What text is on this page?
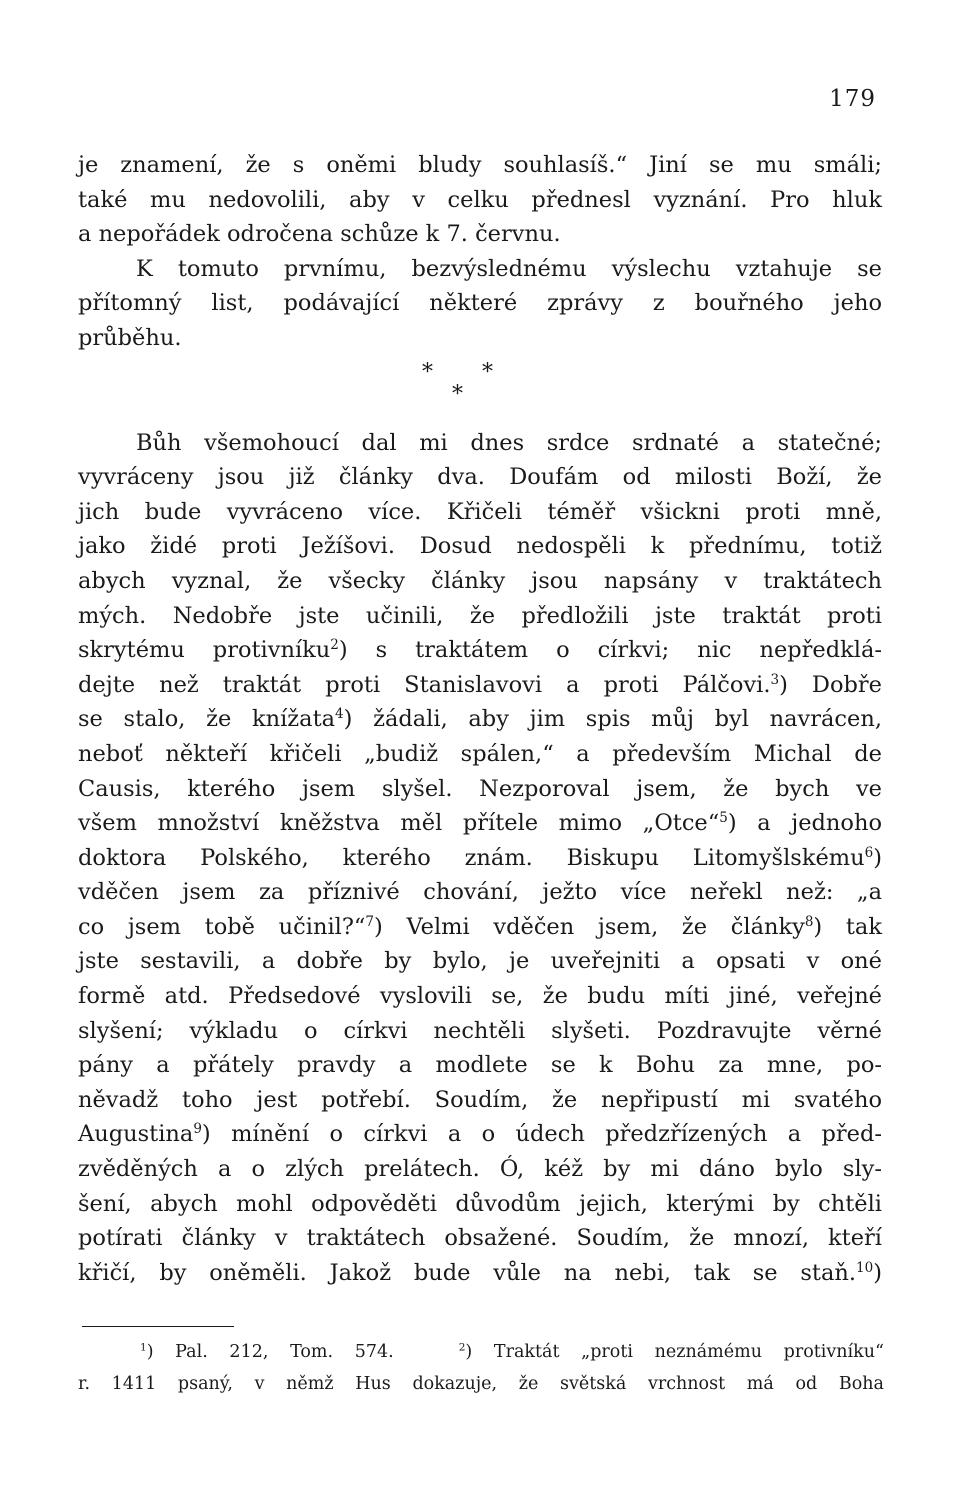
179
je znamení, že s oněmi bludy souhlasíš.“ Jiní se mu smáli;
také mu nedovolili, aby v celku přednesl vyznání. Pro hluk
a nepořádek odročena schůze k 7. červnu.
K tomuto prvnímu, bezvýslednému výslechu vztahuje se
přítomný list, podávající některé zprávy z bouřného jeho
průběhu.
* *
*
Bůh všemohoucí dal mi dnes srdce srdnaté a statečné;
vyvráceny jsou již články dva. Doufám od milosti Boží, že
jich bude vyvráceno více. Křičeli téměř všickni proti mně,
jako židé proti Ježíšovi. Dosud nedospěli k přednímu, totiž
abych vyznal, že všecky články jsou napsány v traktátech
mých. Nedobře jste učinili, že předložili jste traktát proti
skrytému protivníku$^2$) s traktátem o církvi; nic nepředklá-
dejte než traktát proti Stanislavovi a proti Pálčovi.$^3$) Dobře
se stalo, že knížata$^4$) žádali, aby jim spis můj byl navrácen,
neboť někteří křičeli „budiž spálen,“ a především Michal de
Causis, kterého jsem slyšel. Nezporoval jsem, že bych ve
všem množství kněžstva měl přítele mimo „Otce“$^5$) a jednoho
doktora Polského, kterého znám. Biskupu Litomyšlskému$^6$)
vděčen jsem za příznivé chování, ježto více neřekl než: „a
co jsem tobě učinil?“$^7$) Velmi vděčen jsem, že články$^8$) tak
jste sestavili, a dobře by bylo, je uveřejniti a opsati v oné
formě atd. Předsedové vyslovili se, že budu míti jiné, veřejné
slyšení; výkladu o církvi nechtěli slyšeti. Pozdravujte věrné
pány a přátely pravdy a modlete se k Bohu za mne, po-
něvadž toho jest potřebí. Soudím, že nepřipustí mi svatého
Augustina$^9$) mínění o církvi a o údech předzřízených a před-
zvěděných a o zlých prelátech. Ó, kéž by mi dáno bylo sly-
šení, abych mohl odpověděti důvodům jejich, kterými by chtěli
potírati články v traktátech obsažené. Soudím, že mnozí, kteří
křičí, by oněměli. Jakož bude vůle na nebi, tak se staň.$^{10}$)
$^1$) Pal. 212, Tom. 574.	$^2$) Traktát „proti neznámému protivníku“
r. 1411 psaný, v němž Hus dokazuje, že světská vrchnost má od Boha
